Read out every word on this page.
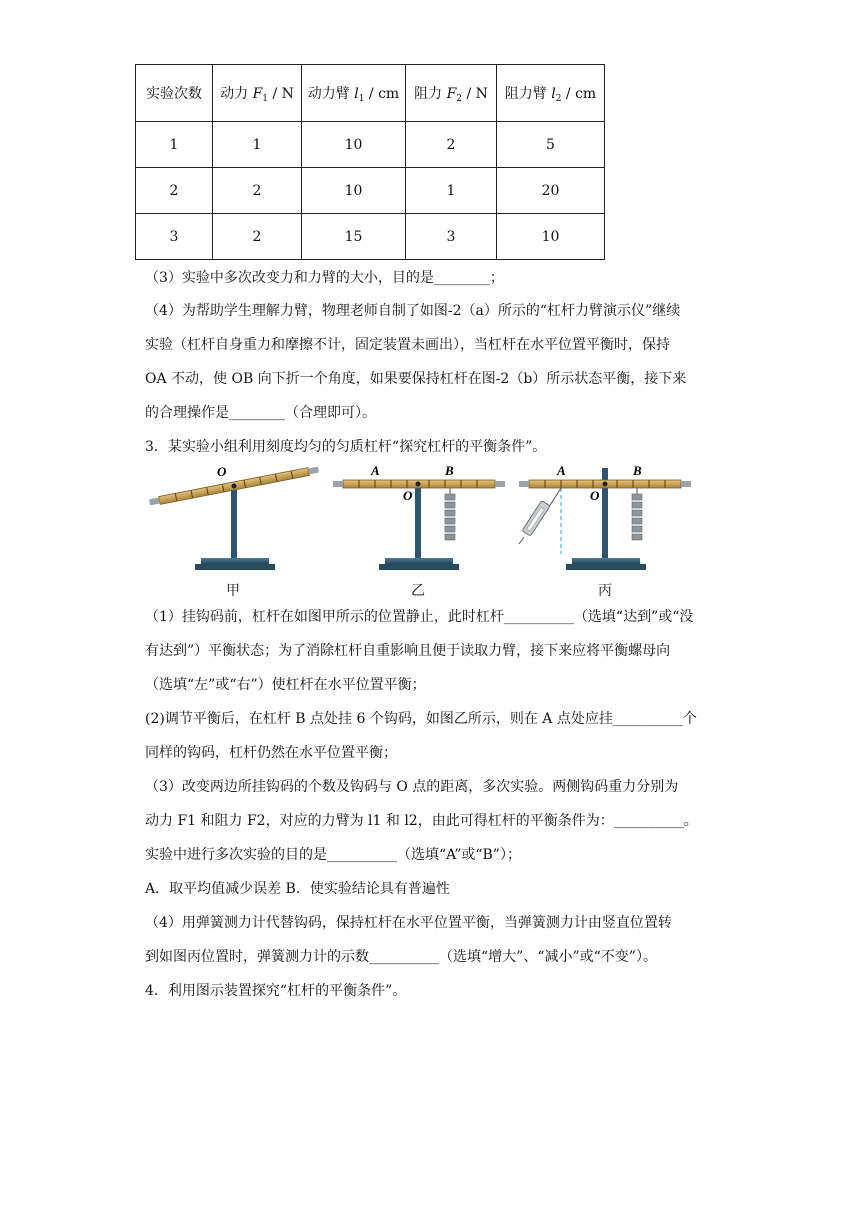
实验次数	动力 $F_1$ / N	动力臂 $l_1$ / cm	阻力 $F_2$ / N	阻力臂 $l_2$ / cm
1	1	10	2	5
2	2	10	1	20
3	2	15	3	10
（3）实验中多次改变力和力臂的大小，目的是________；
（4）为帮助学生理解力臂，物理老师自制了如图-2（a）所示的“杠杆力臂演示仪”继续
实验（杠杆自身重力和摩擦不计，固定装置未画出），当杠杆在水平位置平衡时，保持
OA 不动，使 OB 向下折一个角度，如果要保持杠杆在图-2（b）所示状态平衡，接下来
的合理操作是________（合理即可）。
3．某实验小组利用刻度均匀的匀质杠杆“探究杠杆的平衡条件”。
O	A	B
O
A	B
O
甲	乙	丙
（1）挂钩码前，杠杆在如图甲所示的位置静止，此时杠杆__________（选填“达到”或“没
有达到”）平衡状态；为了消除杠杆自重影响且便于读取力臂，接下来应将平衡螺母向
（选填“左”或“右”）使杠杆在水平位置平衡；
(2)调节平衡后，在杠杆 B 点处挂 6 个钩码，如图乙所示，则在 A 点处应挂__________个
同样的钩码，杠杆仍然在水平位置平衡；
（3）改变两边所挂钩码的个数及钩码与 O 点的距离，多次实验。两侧钩码重力分别为
动力 F1 和阻力 F2，对应的力臂为 l1 和 l2，由此可得杠杆的平衡条件为：__________。
实验中进行多次实验的目的是__________（选填“A”或“B”）；
A．取平均值减少误差 B．使实验结论具有普遍性
（4）用弹簧测力计代替钩码，保持杠杆在水平位置平衡，当弹簧测力计由竖直位置转
到如图丙位置时，弹簧测力计的示数__________（选填“增大”、“减小”或“不变”）。
4．利用图示装置探究“杠杆的平衡条件”。
